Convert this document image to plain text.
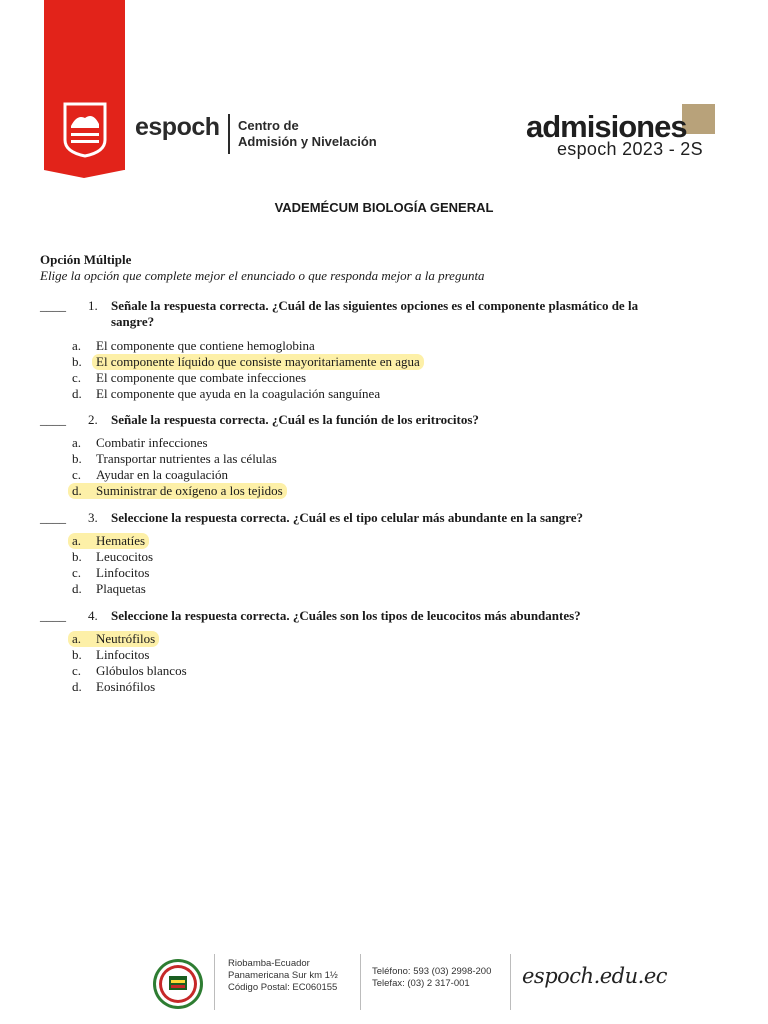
espoch Centro de
Admisión y Nivelación	admisiones
espoch 2023 - 2S
VADEMÉCUM BIOLOGÍA GENERAL
Opción Múltiple
Elige la opción que complete mejor el enunciado o que responda mejor a la pregunta
____ 1. Señale la respuesta correcta. ¿Cuál de las siguientes opciones es el componente plasmático de la sangre?
a.	El componente que contiene hemoglobina
b.	El componente líquido que consiste mayoritariamente en agua
c.	El componente que combate infecciones
d.	El componente que ayuda en la coagulación sanguínea
____ 2. Señale la respuesta correcta. ¿Cuál es la función de los eritrocitos?
a.	Combatir infecciones
b.	Transportar nutrientes a las células
c.	Ayudar en la coagulación
d.	Suministrar de oxígeno a los tejidos
____ 3. Seleccione la respuesta correcta. ¿Cuál es el tipo celular más abundante en la sangre?
a.	Hematíes
b.	Leucocitos
c.	Linfocitos
d.	Plaquetas
____ 4. Seleccione la respuesta correcta. ¿Cuáles son los tipos de leucocitos más abundantes?
a.	Neutrófilos
b.	Linfocitos
c.	Glóbulos blancos
d.	Eosinófilos
Riobamba-Ecuador
Panamericana Sur km 1½
Código Postal: EC060155
Teléfono: 593 (03) 2998-200
Telefax: (03) 2 317-001	espoch.edu.ec
